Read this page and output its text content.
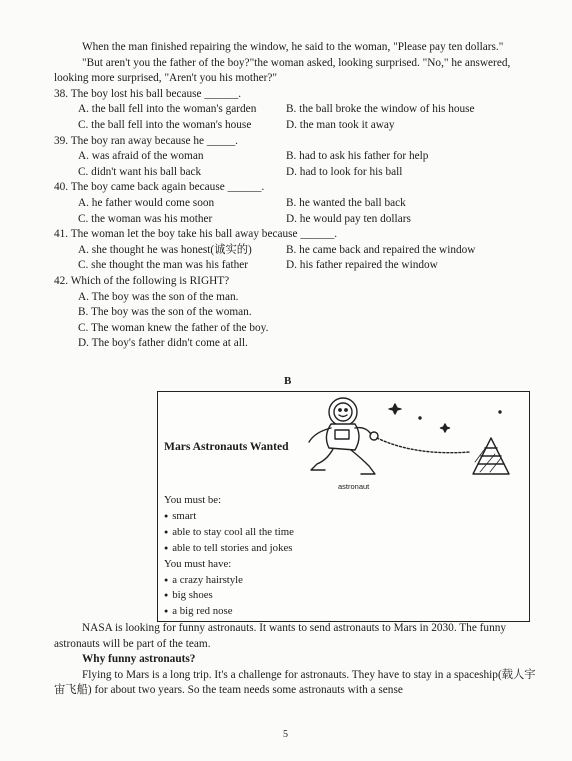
When the man finished repairing the window, he said to the woman, "Please pay ten dollars."

"But aren't you the father of the boy?"the woman asked, looking surprised. "No," he answered, looking more surprised, "Aren't you his mother?"

38. The boy lost his ball because ______.

A. the ball fell into the woman's garden	B. the ball broke the window of his house
C. the ball fell into the woman's house	D. the man took it away

39. The boy ran away because he _____.

A. was afraid of the woman	B. had to ask his father for help
C. didn't want his ball back	D. had to look for his ball

40. The boy came back again because ______.

A. he father would come soon	B. he wanted the ball back
C. the woman was his mother	D. he would pay ten dollars

41. The woman let the boy take his ball away because ______.

A. she thought he was honest(诚实的)	B. he came back and repaired the window
C. she thought the man was his father	D. his father repaired the window

42. Which of the following is RIGHT?

A. The boy was the son of the man.

B. The boy was the son of the woman.

C. The woman knew the father of the boy.

D. The boy's father didn't come at all.

B
Mars Astronauts Wanted
astronaut
You must be:
● smart
● able to stay cool all the time
● able to tell stories and jokes
You must have:
● a crazy hairstyle
● big shoes
● a big red nose

NASA is looking for funny astronauts. It wants to send astronauts to Mars in 2030. The funny astronauts will be part of the team.

Why funny astronauts?

Flying to Mars is a long trip. It's a challenge for astronauts. They have to stay in a spaceship(载人宇宙飞船) for about two years. So the team needs some astronauts with a sense

5
